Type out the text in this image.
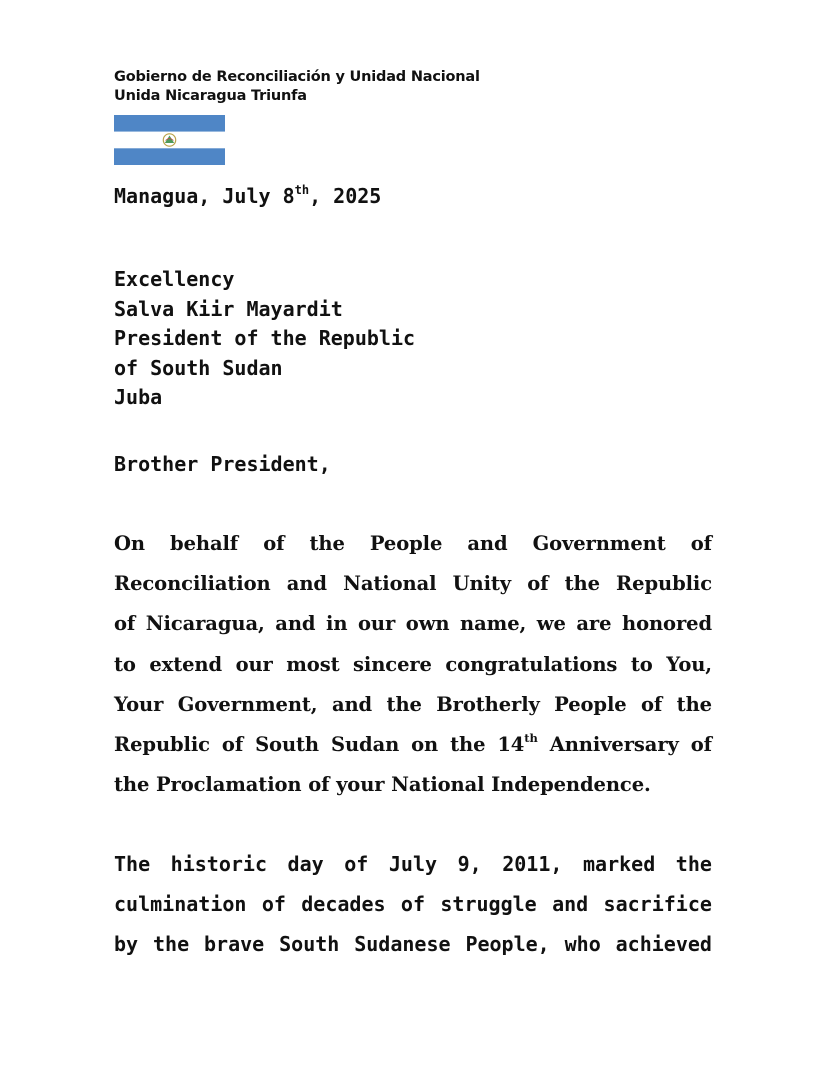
Gobierno de Reconciliación y Unidad Nacional
Unida Nicaragua Triunfa
Managua, July 8th, 2025
Excellency
Salva Kiir Mayardit
President of the Republic
of South Sudan
Juba
Brother President,
On behalf of the People and Government of
Reconciliation and National Unity of the Republic
of Nicaragua, and in our own name, we are honored
to extend our most sincere congratulations to You,
Your Government, and the Brotherly People of the
Republic of South Sudan on the 14th Anniversary of
the Proclamation of your National Independence.
The historic day of July 9, 2011, marked the
culmination of decades of struggle and sacrifice
by the brave South Sudanese People, who achieved
